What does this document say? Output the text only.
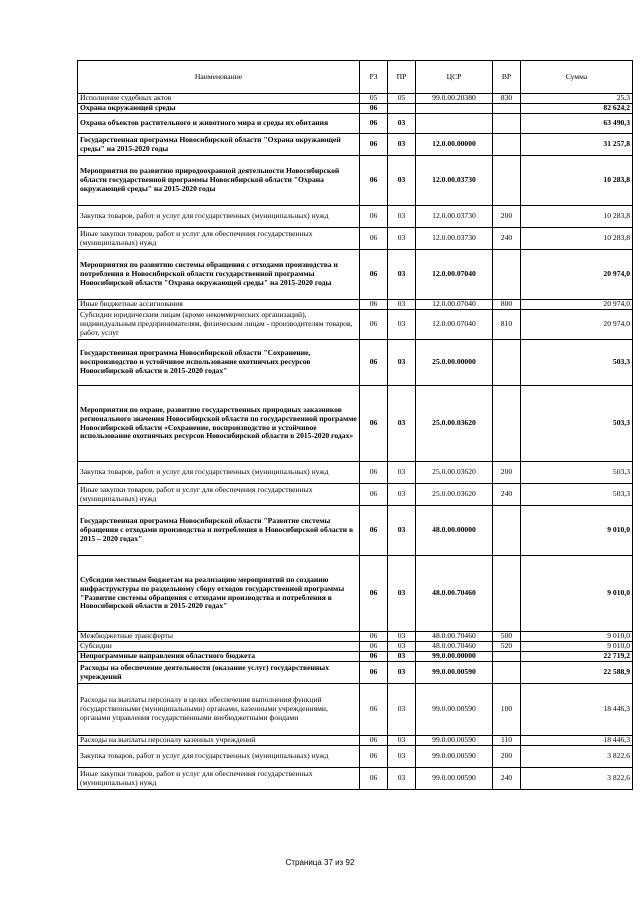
Наименование	РЗ	ПР	ЦСР	ВР	Сумма
Исполнение судебных актов	05	05	99.0.00.20380	830	25,3
Охрана окружающей среды	06				82 624,2
Охрана объектов растительного и животного мира и среды их обитания	06	03			63 490,3
Государственная программа Новосибирской области "Охрана окружающей среды" на 2015-2020 годы	06	03	12.0.00.00000		31 257,8
Мероприятия по развитию природоохранной деятельности Новосибирской области государственной программы Новосибирской области "Охрана окружающей среды" на 2015-2020 годы	06	03	12.0.00.03730		10 283,8
Закупка товаров, работ и услуг для государственных (муниципальных) нужд	06	03	12.0.00.03730	200	10 283,8
Иные закупки товаров, работ и услуг для обеспечения государственных (муниципальных) нужд	06	03	12.0.00.03730	240	10 283,8
Мероприятия по развитию системы обращения с отходами производства и потребления в Новосибирской области государственной программы Новосибирской области "Охрана окружающей среды" на 2015-2020 годы	06	03	12.0.00.07040		20 974,0
Иные бюджетные ассигнования	06	03	12.0.00.07040	800	20 974,0
Субсидии юридическим лицам (кроме некоммерческих организаций), индивидуальным предпринимателям, физическим лицам - производителям товаров, работ, услуг	06	03	12.0.00.07040	810	20 974,0
Государственная программа Новосибирской области "Сохранение, воспроизводство и устойчивое использование охотничьих ресурсов Новосибирской области в 2015-2020 годах"	06	03	25.0.00.00000		503,3
Мероприятия по охране, развитию государственных природных заказников регионального значения Новосибирской области по государственной программе Новосибирской области «Сохранение, воспроизводство и устойчивое использование охотничьих ресурсов Новосибирской области в 2015-2020 годах»	06	03	25.0.00.03620		503,3
Закупка товаров, работ и услуг для государственных (муниципальных) нужд	06	03	25.0.00.03620	200	503,3
Иные закупки товаров, работ и услуг для обеспечения государственных (муниципальных) нужд	06	03	25.0.00.03620	240	503,3
Государственная программа Новосибирской области "Развитие системы обращения с отходами производства и потребления в Новосибирской области в 2015 – 2020 годах"	06	03	48.0.00.00000		9 010,0
Субсидии местным бюджетам на реализацию мероприятий по созданию инфраструктуры по раздельному сбору отходов государственной программы "Развитие системы обращения с отходами производства и потребления в Новосибирской области в 2015-2020 годах"	06	03	48.0.00.70460		9 010,0
Межбюджетные трансферты	06	03	48.0.00.70460	500	9 010,0
Субсидии	06	03	48.0.00.70460	520	9 010,0
Непрограммные направления областного бюджета	06	03	99.0.00.00000		22 719,2
Расходы на обеспечение деятельности (оказание услуг) государственных учреждений	06	03	99.0.00.00590		22 588,9
Расходы на выплаты персоналу в целях обеспечения выполнения функций государственными (муниципальными) органами, казенными учреждениями, органами управления государственными внебюджетными фондами	06	03	99.0.00.00590	100	18 446,3
Расходы на выплаты персоналу казенных учреждений	06	03	99.0.00.00590	110	18 446,3
Закупка товаров, работ и услуг для государственных (муниципальных) нужд	06	03	99.0.00.00590	200	3 822,6
Иные закупки товаров, работ и услуг для обеспечения государственных (муниципальных) нужд	06	03	99.0.00.00590	240	3 822,6
Страница 37 из 92
